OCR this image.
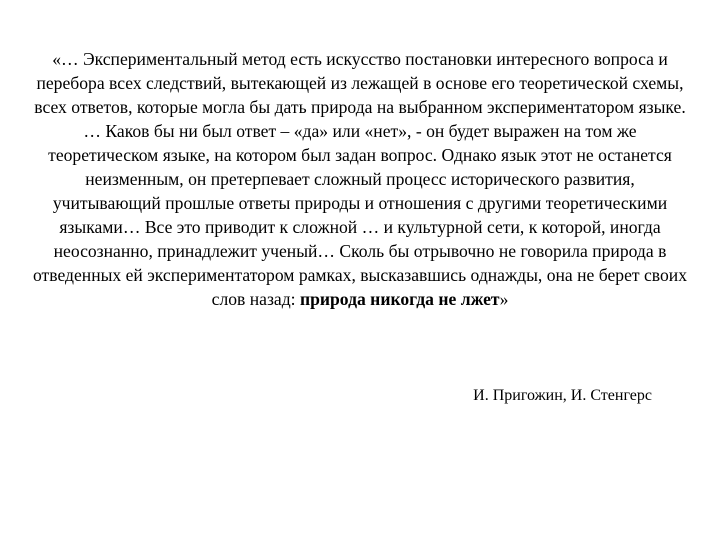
«… Экспериментальный метод есть искусство постановки интересного вопроса и перебора всех следствий, вытекающей из лежащей в основе его теоретической схемы, всех ответов, которые могла бы дать природа на выбранном экспериментатором языке. … Каков бы ни был ответ – «да» или «нет», - он будет выражен на том же теоретическом языке, на котором был задан вопрос. Однако язык этот не останется неизменным, он претерпевает сложный процесс исторического развития, учитывающий прошлые ответы природы и отношения с другими теоретическими языками… Все это приводит к сложной … и культурной сети, к которой, иногда неосознанно, принадлежит ученый… Сколь бы отрывочно не говорила природа в отведенных ей экспериментатором рамках, высказавшись однажды, она не берет своих слов назад: природа никогда не лжет»

И. Пригожин, И. Стенгерс
